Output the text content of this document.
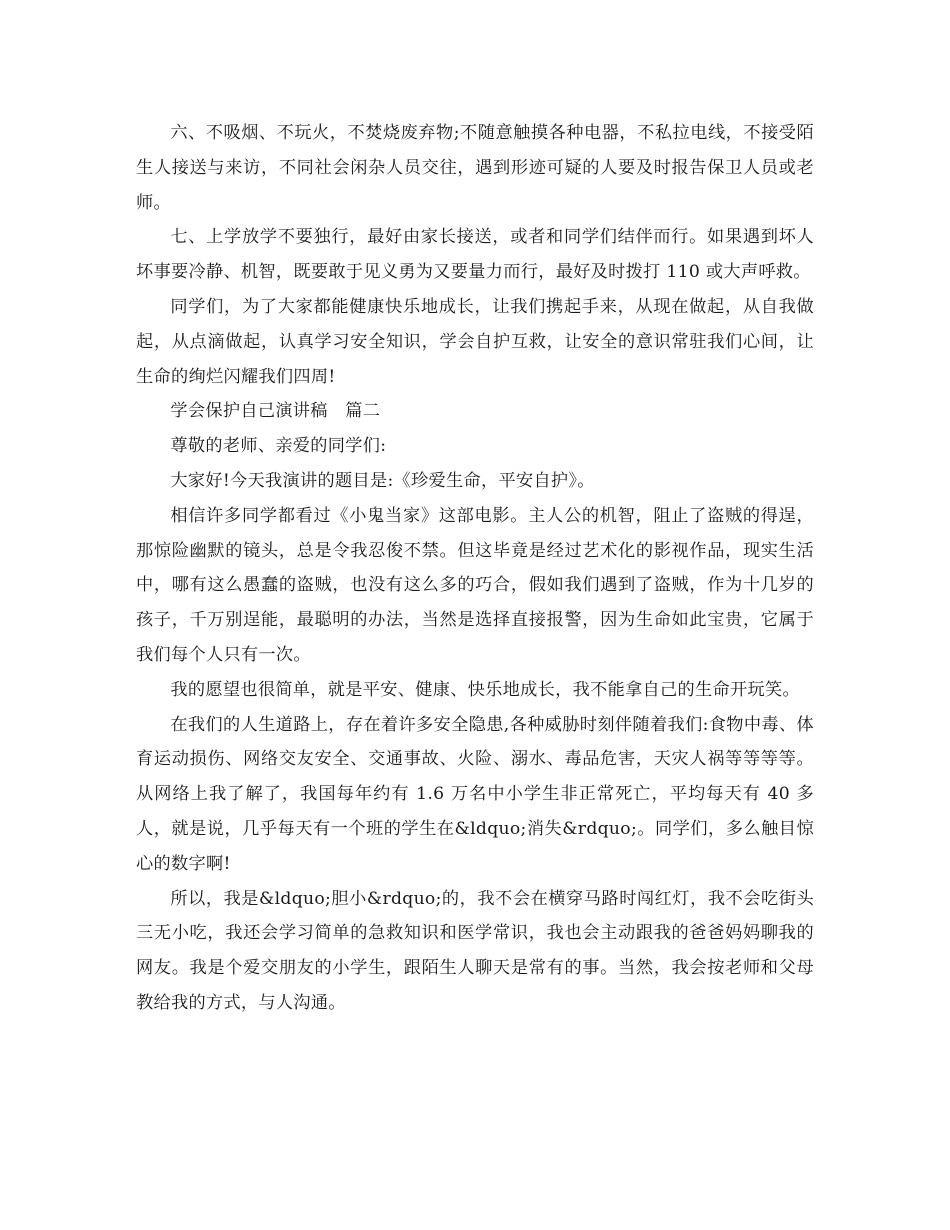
六、不吸烟、不玩火，不焚烧废弃物;不随意触摸各种电器，不私拉电线，不接受陌生人接送与来访，不同社会闲杂人员交往，遇到形迹可疑的人要及时报告保卫人员或老师。

七、上学放学不要独行，最好由家长接送，或者和同学们结伴而行。如果遇到坏人坏事要冷静、机智，既要敢于见义勇为又要量力而行，最好及时拨打 110 或大声呼救。

同学们，为了大家都能健康快乐地成长，让我们携起手来，从现在做起，从自我做起，从点滴做起，认真学习安全知识，学会自护互救，让安全的意识常驻我们心间，让生命的绚烂闪耀我们四周!

学会保护自己演讲稿　篇二

尊敬的老师、亲爱的同学们:

大家好!今天我演讲的题目是:《珍爱生命，平安自护》。

相信许多同学都看过《小鬼当家》这部电影。主人公的机智，阻止了盗贼的得逞，那惊险幽默的镜头，总是令我忍俊不禁。但这毕竟是经过艺术化的影视作品，现实生活中，哪有这么愚蠢的盗贼，也没有这么多的巧合，假如我们遇到了盗贼，作为十几岁的孩子，千万别逞能，最聪明的办法，当然是选择直接报警，因为生命如此宝贵，它属于我们每个人只有一次。

我的愿望也很简单，就是平安、健康、快乐地成长，我不能拿自己的生命开玩笑。

在我们的人生道路上，存在着许多安全隐患,各种威胁时刻伴随着我们:食物中毒、体育运动损伤、网络交友安全、交通事故、火险、溺水、毒品危害，天灾人祸等等等等。从网络上我了解了，我国每年约有 1.6 万名中小学生非正常死亡，平均每天有 40 多人，就是说，几乎每天有一个班的学生在&ldquo;消失&rdquo;。同学们，多么触目惊心的数字啊!

所以，我是&ldquo;胆小&rdquo;的，我不会在横穿马路时闯红灯，我不会吃街头三无小吃，我还会学习简单的急救知识和医学常识，我也会主动跟我的爸爸妈妈聊我的网友。我是个爱交朋友的小学生，跟陌生人聊天是常有的事。当然，我会按老师和父母教给我的方式，与人沟通。
